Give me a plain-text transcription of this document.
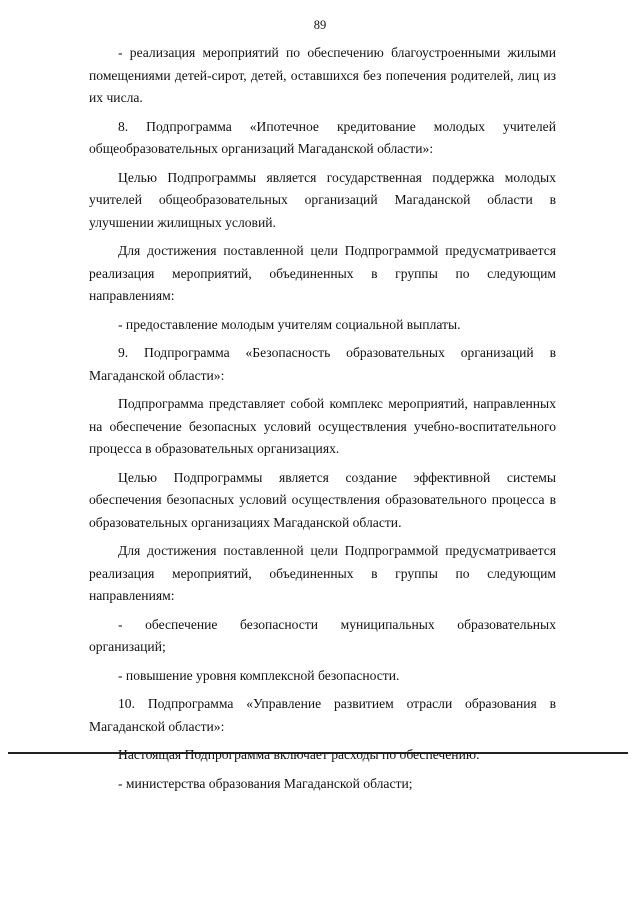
89

- реализация мероприятий по обеспечению благоустроенными жилыми помещениями детей-сирот, детей, оставшихся без попечения родителей, лиц из их числа.

8. Подпрограмма «Ипотечное кредитование молодых учителей общеобразовательных организаций Магаданской области»:

Целью Подпрограммы является государственная поддержка молодых учителей общеобразовательных организаций Магаданской области в улучшении жилищных условий.

Для достижения поставленной цели Подпрограммой предусматривается реализация мероприятий, объединенных в группы по следующим направлениям:

- предоставление молодым учителям социальной выплаты.

9. Подпрограмма «Безопасность образовательных организаций в Магаданской области»:

Подпрограмма представляет собой комплекс мероприятий, направленных на обеспечение безопасных условий осуществления учебно-воспитательного процесса в образовательных организациях.

Целью Подпрограммы является создание эффективной системы обеспечения безопасных условий осуществления образовательного процесса в образовательных организациях Магаданской области.

Для достижения поставленной цели Подпрограммой предусматривается реализация мероприятий, объединенных в группы по следующим направлениям:

- обеспечение безопасности муниципальных образовательных организаций;

- повышение уровня комплексной безопасности.

10. Подпрограмма «Управление развитием отрасли образования в Магаданской области»:

Настоящая Подпрограмма включает расходы по обеспечению:

- министерства образования Магаданской области;
